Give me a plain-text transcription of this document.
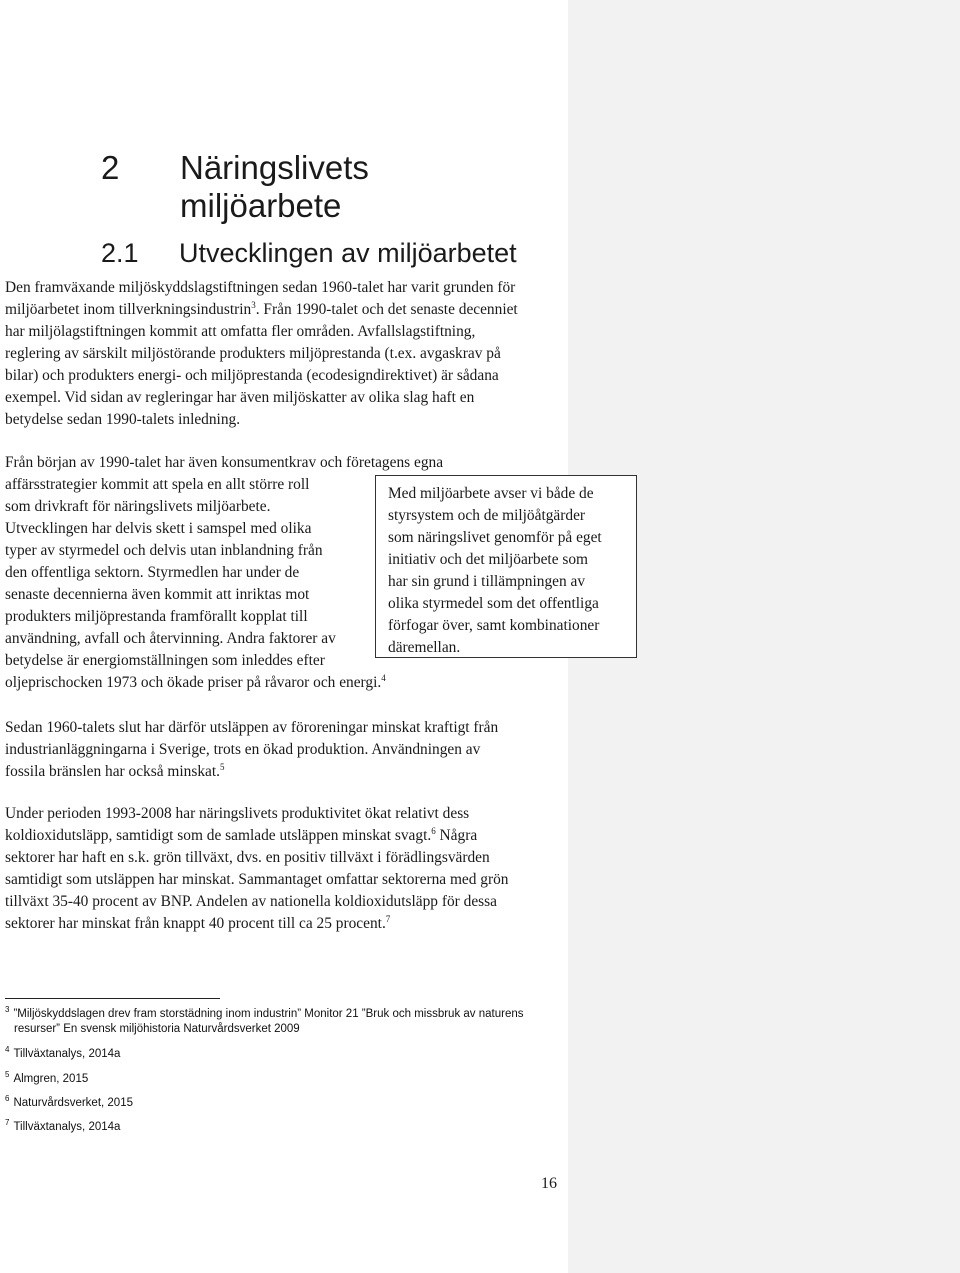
2 Näringslivets
miljöarbete
2.1 Utvecklingen av miljöarbetet

Den framväxande miljöskyddslagstiftningen sedan 1960-talet har varit grunden för
miljöarbetet inom tillverkningsindustrin$^3$. Från 1990-talet och det senaste decenniet
har miljölagstiftningen kommit att omfatta fler områden. Avfallslagstiftning,
reglering av särskilt miljöstörande produkters miljöprestanda (t.ex. avgaskrav på
bilar) och produkters energi- och miljöprestanda (ecodesigndirektivet) är sådana
exempel. Vid sidan av regleringar har även miljöskatter av olika slag haft en
betydelse sedan 1990-talets inledning.

Från början av 1990-talet har även konsumentkrav och företagens egna
affärsstrategier kommit att spela en allt större roll
som drivkraft för näringslivets miljöarbete.
Utvecklingen har delvis skett i samspel med olika
typer av styrmedel och delvis utan inblandning från
den offentliga sektorn. Styrmedlen har under de
senaste decennierna även kommit att inriktas mot
produkters miljöprestanda framförallt kopplat till
användning, avfall och återvinning. Andra faktorer av
betydelse är energiomställningen som inleddes efter
oljeprischocken 1973 och ökade priser på råvaror och energi.$^4$

Med miljöarbete avser vi både de
styrsystem och de miljöåtgärder
som näringslivet genomför på eget
initiativ och det miljöarbete som
har sin grund i tillämpningen av
olika styrmedel som det offentliga
förfogar över, samt kombinationer
däremellan.

Sedan 1960-talets slut har därför utsläppen av föroreningar minskat kraftigt från
industrianläggningarna i Sverige, trots en ökad produktion. Användningen av
fossila bränslen har också minskat.$^5$

Under perioden 1993-2008 har näringslivets produktivitet ökat relativt dess
koldioxidutsläpp, samtidigt som de samlade utsläppen minskat svagt.$^6$ Några
sektorer har haft en s.k. grön tillväxt, dvs. en positiv tillväxt i förädlingsvärden
samtidigt som utsläppen har minskat. Sammantaget omfattar sektorerna med grön
tillväxt 35-40 procent av BNP. Andelen av nationella koldioxidutsläpp för dessa
sektorer har minskat från knappt 40 procent till ca 25 procent.$^7$

$^3$ ”Miljöskyddslagen drev fram storstädning inom industrin” Monitor 21 ”Bruk och missbruk av naturens
resurser” En svensk miljöhistoria Naturvårdsverket 2009
$^4$ Tillväxtanalys, 2014a
$^5$ Almgren, 2015
$^6$ Naturvårdsverket, 2015
$^7$ Tillväxtanalys, 2014a
16
